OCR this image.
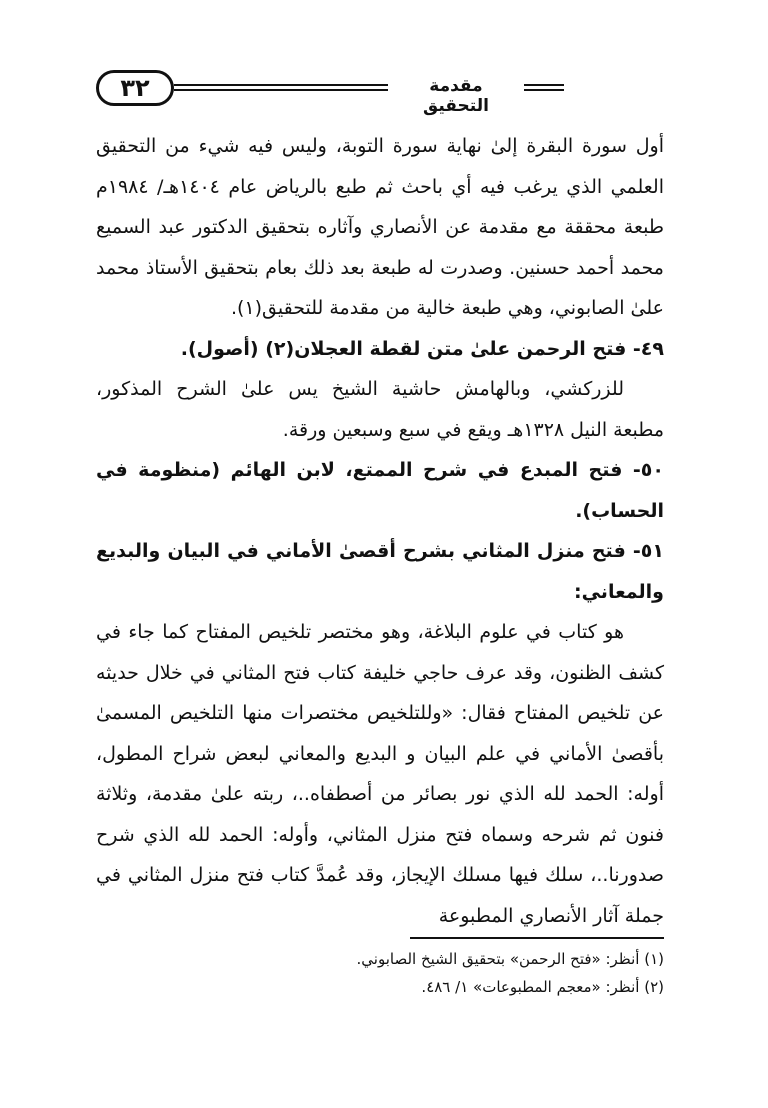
٣٢	مقدمة التحقيق

أول سورة البقرة إلىٰ نهاية سورة التوبة، وليس فيه شيء من التحقيق العلمي الذي يرغب فيه أي باحث ثم طبع بالرياض عام ١٤٠٤هـ/ ١٩٨٤م طبعة محققة مع مقدمة عن الأنصاري وآثاره بتحقيق الدكتور عبد السميع محمد أحمد حسنين. وصدرت له طبعة بعد ذلك بعام بتحقيق الأستاذ محمد علىٰ الصابوني، وهي طبعة خالية من مقدمة للتحقيق(١).

٤٩- فتح الرحمن علىٰ متن لقطة العجلان(٢) (أصول).

للزركشي، وبالهامش حاشية الشيخ يس علىٰ الشرح المذكور، مطبعة النيل ١٣٢٨هـ ويقع في سبع وسبعين ورقة.

٥٠- فتح المبدع في شرح الممتع، لابن الهائم (منظومة في الحساب).

٥١- فتح منزل المثاني بشرح أقصىٰ الأماني في البيان والبديع والمعاني:

هو كتاب في علوم البلاغة، وهو مختصر تلخيص المفتاح كما جاء في كشف الظنون، وقد عرف حاجي خليفة كتاب فتح المثاني في خلال حديثه عن تلخيص المفتاح فقال: «وللتلخيص مختصرات منها التلخيص المسمىٰ بأقصىٰ الأماني في علم البيان و البديع والمعاني لبعض شراح المطول، أوله: الحمد لله الذي نور بصائر من أصطفاه..، ربته علىٰ مقدمة، وثلاثة فنون ثم شرحه وسماه فتح منزل المثاني، وأوله: الحمد لله الذي شرح صدورنا..، سلك فيها مسلك الإيجاز، وقد عُمدَّ كتاب فتح منزل المثاني في جملة آثار الأنصاري المطبوعة

(١) أنظر: «فتح الرحمن» بتحقيق الشيخ الصابوني.
(٢) أنظر: «معجم المطبوعات» ١/ ٤٨٦.
